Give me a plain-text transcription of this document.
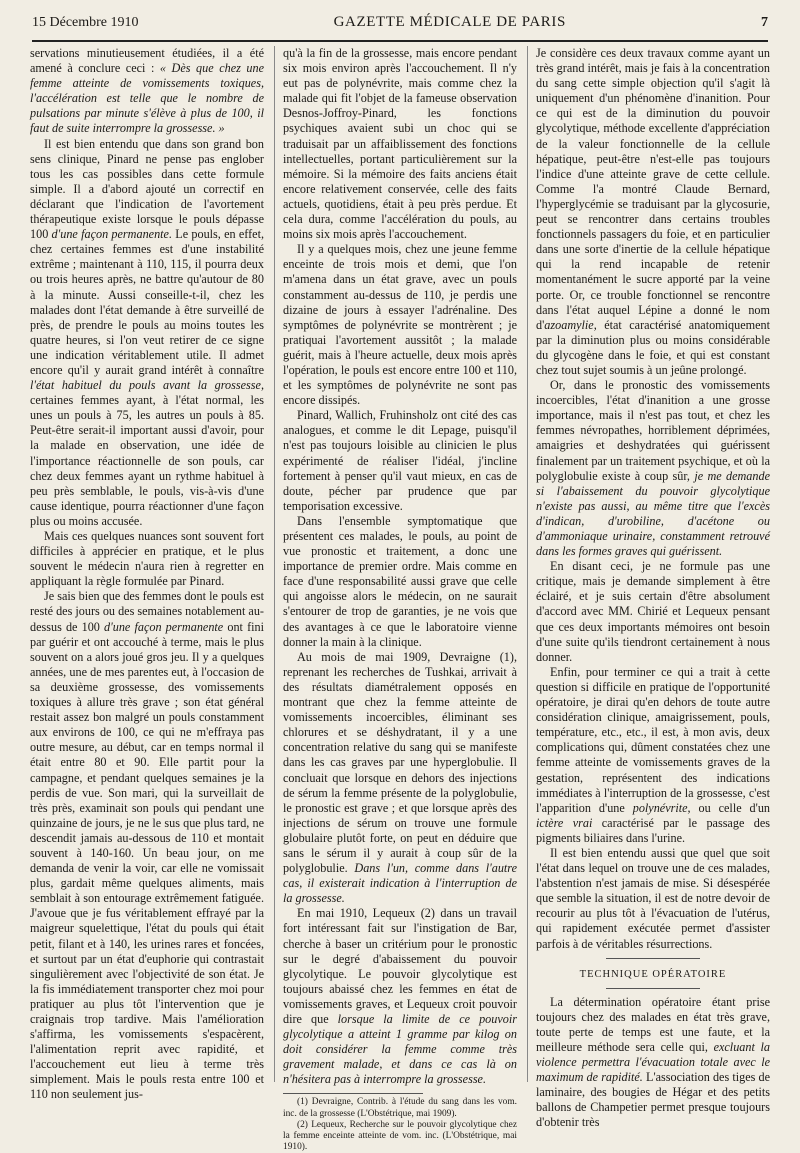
15 Décembre 1910	GAZETTE MÉDICALE DE PARIS	7

servations minutieusement étudiées, il a été amené à conclure ceci : « Dès que chez une femme atteinte de vomissements toxiques, l'accélération est telle que le nombre de pulsations par minute s'élève à plus de 100, il faut de suite interrompre la grossesse. »

Il est bien entendu que dans son grand bon sens clinique, Pinard ne pense pas englober tous les cas possibles dans cette formule simple. Il a d'abord ajouté un correctif en déclarant que l'indication de l'avortement thérapeutique existe lorsque le pouls dépasse 100 d'une façon permanente. Le pouls, en effet, chez certaines femmes est d'une instabilité extrême ; maintenant à 110, 115, il pourra deux ou trois heures après, ne battre qu'autour de 80 à la minute. Aussi conseille-t-il, chez les malades dont l'état demande à être surveillé de près, de prendre le pouls au moins toutes les quatre heures, si l'on veut retirer de ce signe une indication véritablement utile. Il admet encore qu'il y aurait grand intérêt à connaître l'état habituel du pouls avant la grossesse, certaines femmes ayant, à l'état normal, les unes un pouls à 75, les autres un pouls à 85. Peut-être serait-il important aussi d'avoir, pour la malade en observation, une idée de l'importance réactionnelle de son pouls, car chez deux femmes ayant un rythme habituel à peu près semblable, le pouls, vis-à-vis d'une cause identique, pourra réactionner d'une façon plus ou moins accusée.

Mais ces quelques nuances sont souvent fort difficiles à apprécier en pratique, et le plus souvent le médecin n'aura rien à regretter en appliquant la règle formulée par Pinard.

Je sais bien que des femmes dont le pouls est resté des jours ou des semaines notablement au-dessus de 100 d'une façon permanente ont fini par guérir et ont accouché à terme, mais le plus souvent on a alors joué gros jeu. Il y a quelques années, une de mes parentes eut, à l'occasion de sa deuxième grossesse, des vomissements toxiques à allure très grave ; son état général restait assez bon malgré un pouls constamment aux environs de 100, ce qui ne m'effraya pas outre mesure, au début, car en temps normal il était entre 80 et 90. Elle partit pour la campagne, et pendant quelques semaines je la perdis de vue. Son mari, qui la surveillait de très près, examinait son pouls qui pendant une quinzaine de jours, je ne le sus que plus tard, ne descendit jamais au-dessous de 110 et montait souvent à 140-160. Un beau jour, on me demanda de venir la voir, car elle ne vomissait plus, gardait même quelques aliments, mais semblait à son entourage extrêmement fatiguée. J'avoue que je fus véritablement effrayé par la maigreur squelettique, l'état du pouls qui était petit, filant et à 140, les urines rares et foncées, et surtout par un état d'euphorie qui contrastait singulièrement avec l'objectivité de son état. Je la fis immédiatement transporter chez moi pour pratiquer au plus tôt l'intervention que je craignais trop tardive. Mais l'amélioration s'affirma, les vomissements s'espacèrent, l'alimentation reprit avec rapidité, et l'accouchement eut lieu à terme très simplement. Mais le pouls resta entre 100 et 110 non seulement jus-

qu'à la fin de la grossesse, mais encore pendant six mois environ après l'accouchement. Il n'y eut pas de polynévrite, mais comme chez la malade qui fit l'objet de la fameuse observation Desnos-Joffroy-Pinard, les fonctions psychiques avaient subi un choc qui se traduisait par un affaiblissement des fonctions intellectuelles, portant particulièrement sur la mémoire. Si la mémoire des faits anciens était encore relativement conservée, celle des faits actuels, quotidiens, était à peu près perdue. Et cela dura, comme l'accélération du pouls, au moins six mois après l'accouchement.

Il y a quelques mois, chez une jeune femme enceinte de trois mois et demi, que l'on m'amena dans un état grave, avec un pouls constamment au-dessus de 110, je perdis une dizaine de jours à essayer l'adrénaline. Des symptômes de polynévrite se montrèrent ; je pratiquai l'avortement aussitôt ; la malade guérit, mais à l'heure actuelle, deux mois après l'opération, le pouls est encore entre 100 et 110, et les symptômes de polynévrite ne sont pas encore dissipés.

Pinard, Wallich, Fruhinsholz ont cité des cas analogues, et comme le dit Lepage, puisqu'il n'est pas toujours loisible au clinicien le plus expérimenté de réaliser l'idéal, j'incline fortement à penser qu'il vaut mieux, en cas de doute, pécher par prudence que par temporisation excessive.

Dans l'ensemble symptomatique que présentent ces malades, le pouls, au point de vue pronostic et traitement, a donc une importance de premier ordre. Mais comme en face d'une responsabilité aussi grave que celle qui angoisse alors le médecin, on ne saurait s'entourer de trop de garanties, je ne vois que des avantages à ce que le laboratoire vienne donner la main à la clinique.

Au mois de mai 1909, Devraigne (1), reprenant les recherches de Tushkai, arrivait à des résultats diamétralement opposés en montrant que chez la femme atteinte de vomissements incoercibles, éliminant ses chlorures et se déshydratant, il y a une concentration relative du sang qui se manifeste dans les cas graves par une hyperglobulie. Il concluait que lorsque en dehors des injections de sérum la femme présente de la polyglobulie, le pronostic est grave ; et que lorsque après des injections de sérum on trouve une formule globulaire plutôt forte, on peut en déduire que sans le sérum il y aurait à coup sûr de la polyglobulie. Dans l'un, comme dans l'autre cas, il existerait indication à l'interruption de la grossesse.

En mai 1910, Lequeux (2) dans un travail fort intéressant fait sur l'instigation de Bar, cherche à baser un critérium pour le pronostic sur le degré d'abaissement du pouvoir glycolytique. Le pouvoir glycolytique est toujours abaissé chez les femmes en état de vomissements graves, et Lequeux croit pouvoir dire que lorsque la limite de ce pouvoir glycolytique a atteint 1 gramme par kilog on doit considérer la femme comme très gravement malade, et dans ce cas là on n'hésitera pas à interrompre la grossesse.

(1) Devraigne, Contrib. à l'étude du sang dans les vom. inc. de la grossesse (L'Obstétrique, mai 1909).

(2) Lequeux, Recherche sur le pouvoir glycolytique chez la femme enceinte atteinte de vom. inc. (L'Obstétrique, mai 1910).

Je considère ces deux travaux comme ayant un très grand intérêt, mais je fais à la concentration du sang cette simple objection qu'il s'agit là uniquement d'un phénomène d'inanition. Pour ce qui est de la diminution du pouvoir glycolytique, méthode excellente d'appréciation de la valeur fonctionnelle de la cellule hépatique, peut-être n'est-elle pas toujours l'indice d'une atteinte grave de cette cellule. Comme l'a montré Claude Bernard, l'hyperglycémie se traduisant par la glycosurie, peut se rencontrer dans certains troubles fonctionnels passagers du foie, et en particulier dans une sorte d'inertie de la cellule hépatique qui la rend incapable de retenir momentanément le sucre apporté par la veine porte. Or, ce trouble fonctionnel se rencontre dans l'état auquel Lépine a donné le nom d'azoamylie, état caractérisé anatomiquement par la diminution plus ou moins considérable du glycogène dans le foie, et qui est constant chez tout sujet soumis à un jeûne prolongé.

Or, dans le pronostic des vomissements incoercibles, l'état d'inanition a une grosse importance, mais il n'est pas tout, et chez les femmes névropathes, horriblement déprimées, amaigries et deshydratées qui guérissent finalement par un traitement psychique, et où la polyglobulie existe à coup sûr, je me demande si l'abaissement du pouvoir glycolytique n'existe pas aussi, au même titre que l'excès d'indican, d'urobiline, d'acétone ou d'ammoniaque urinaire, constamment retrouvé dans les formes graves qui guérissent.

En disant ceci, je ne formule pas une critique, mais je demande simplement à être éclairé, et je suis certain d'être absolument d'accord avec MM. Chirié et Lequeux pensant que ces deux importants mémoires ont besoin d'une suite qu'ils tiendront certainement à nous donner.

Enfin, pour terminer ce qui a trait à cette question si difficile en pratique de l'opportunité opératoire, je dirai qu'en dehors de toute autre considération clinique, amaigrissement, pouls, température, etc., etc., il est, à mon avis, deux complications qui, dûment constatées chez une femme atteinte de vomissements graves de la gestation, représentent des indications immédiates à l'interruption de la grossesse, c'est l'apparition d'une polynévrite, ou celle d'un ictère vrai caractérisé par le passage des pigments biliaires dans l'urine.

Il est bien entendu aussi que quel que soit l'état dans lequel on trouve une de ces malades, l'abstention n'est jamais de mise. Si désespérée que semble la situation, il est de notre devoir de recourir au plus tôt à l'évacuation de l'utérus, qui rapidement exécutée permet d'assister parfois à de véritables résurrections.

TECHNIQUE OPÉRATOIRE

La détermination opératoire étant prise toujours chez des malades en état très grave, toute perte de temps est une faute, et la meilleure méthode sera celle qui, excluant la violence permettra l'évacuation totale avec le maximum de rapidité. L'association des tiges de laminaire, des bougies de Hégar et des petits ballons de Champetier permet presque toujours d'obtenir très
